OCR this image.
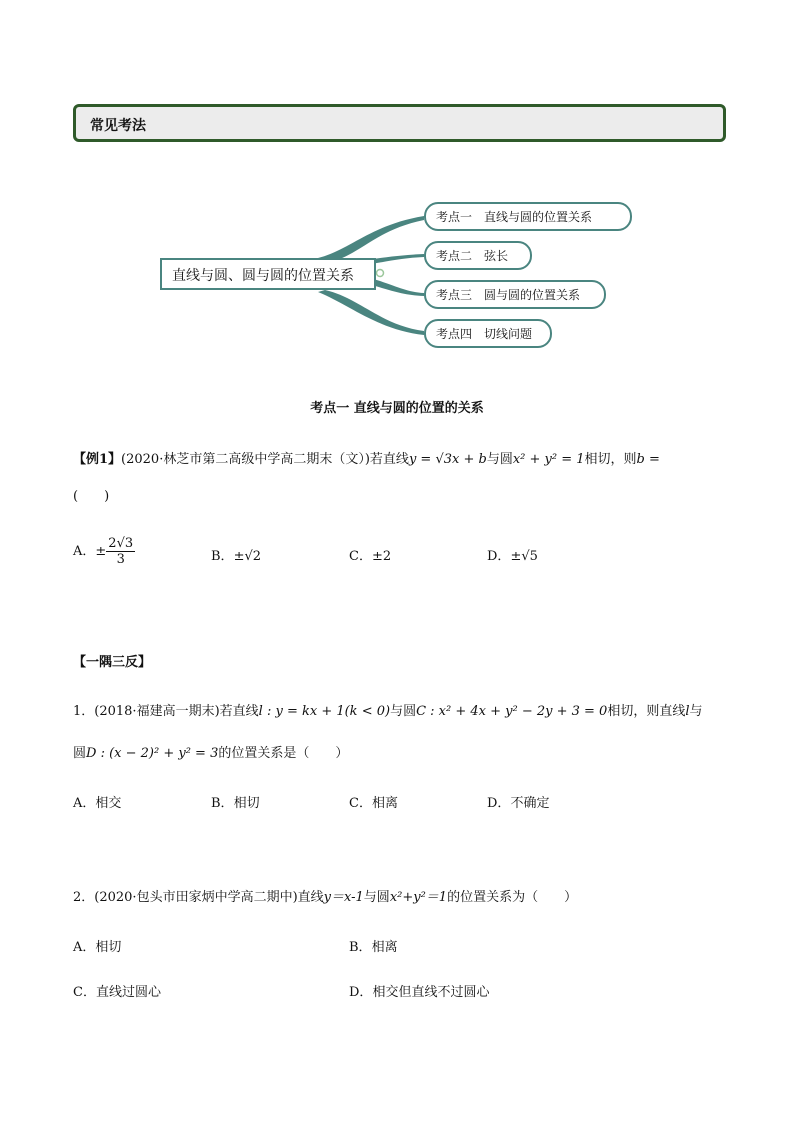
常见考法
直线与圆、圆与圆的位置关系
考点一　直线与圆的位置关系
考点二　弦长
考点三　圆与圆的位置关系
考点四　切线问题
考点一 直线与圆的位置的关系
【例1】(2020·林芝市第二高级中学高二期末（文）)若直线y = √3x + b与圆x² + y² = 1相切，则b =
(　　)
A．± $\frac{2√3}{3}$	B．±√2	C．±2	D．±√5
【一隅三反】
1．(2018·福建高一期末)若直线l : y = kx + 1(k < 0)与圆C : x² + 4x + y² − 2y + 3 = 0相切，则直线l与
圆D : (x − 2)² + y² = 3的位置关系是（　　）
A．相交	B．相切	C．相离	D．不确定
2．(2020·包头市田家炳中学高二期中)直线y＝x-1与圆x²+y²＝1的位置关系为（　　）
A．相切	B．相离
C．直线过圆心	D．相交但直线不过圆心
